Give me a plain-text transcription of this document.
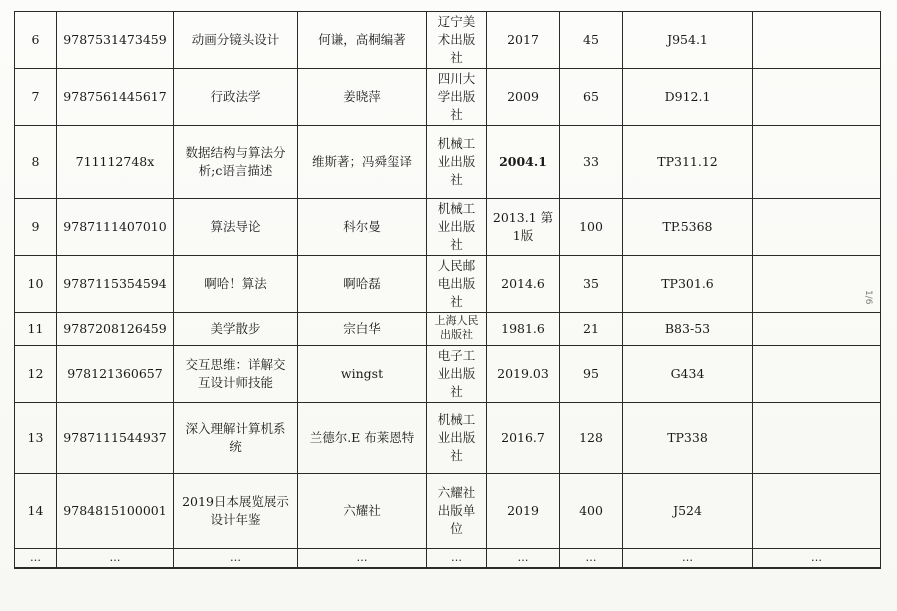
6	9787531473459	动画分镜头设计	何谦，高桐编著	辽宁美术出版社	2017	45	J954.1	
7	9787561445617	行政法学	姜晓萍	四川大学出版社	2009	65	D912.1	
8	711112748x	数据结构与算法分析;c语言描述	维斯著；冯舜玺译	机械工业出版社	2004.1	33	TP311.12	
9	9787111407010	算法导论	科尔曼	机械工业出版社	2013.1 第1版	100	TP.5368	
10	9787115354594	啊哈！算法	啊哈磊	人民邮电出版社	2014.6	35	TP301.6	
11	9787208126459	美学散步	宗白华	上海人民出版社	1981.6	21	B83-53	
12	978121360657	交互思维：详解交互设计师技能	wingst	电子工业出版社	2019.03	95	G434	
13	9787111544937	深入理解计算机系统	兰德尔.E 布莱恩特	机械工业出版社	2016.7	128	TP338	
14	9784815100001	2019日本展览展示设计年鉴	六耀社	六耀社出版单位	2019	400	J524	
…	…	…	…	…	…	…	…	…
1/6
